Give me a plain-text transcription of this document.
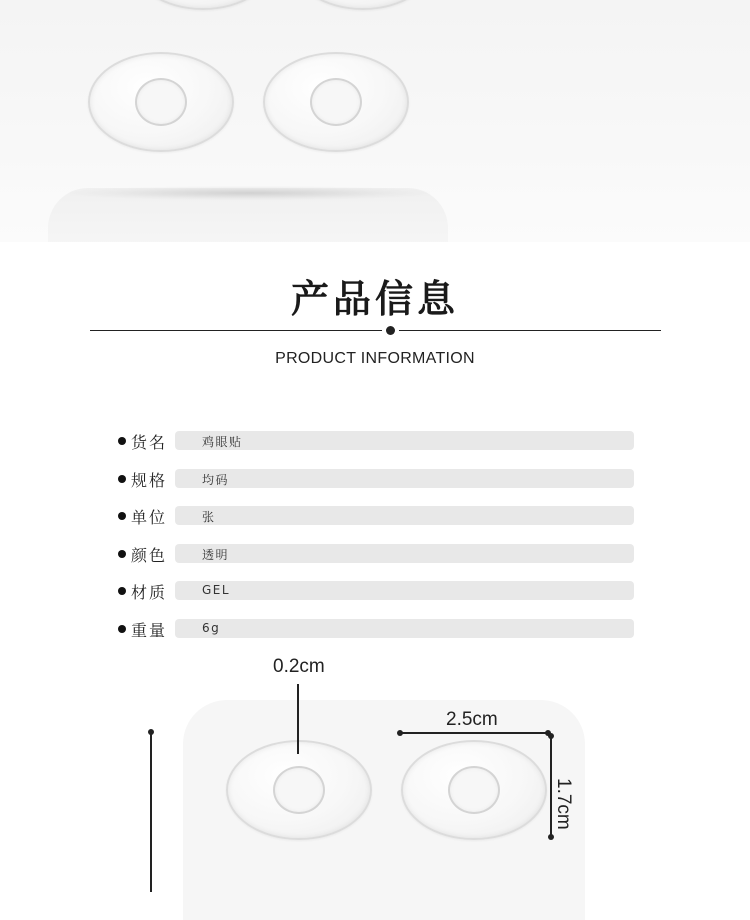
产品信息
PRODUCT INFORMATION
货名	鸡眼贴
规格	均码
单位	张
颜色	透明
材质	GEL
重量	6g
0.2cm
2.5cm
1.7cm
